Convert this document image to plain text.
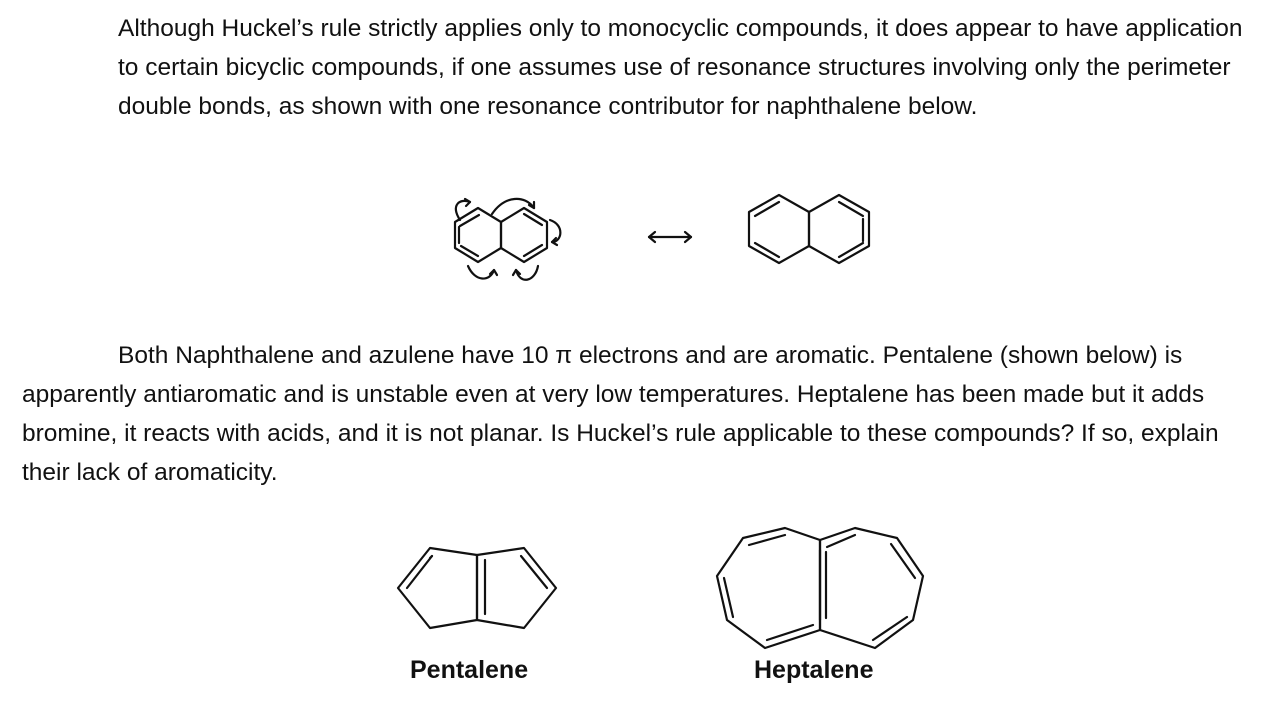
Although Huckel’s rule strictly applies only to monocyclic compounds, it does appear to have application to certain bicyclic compounds, if one assumes use of resonance structures involving only the perimeter double bonds, as shown with one resonance contributor for naphthalene below.

Both Naphthalene and azulene have 10 π electrons and are aromatic. Pentalene (shown below) is apparently antiaromatic and is unstable even at very low temperatures. Heptalene has been made but it adds bromine, it reacts with acids, and it is not planar. Is Huckel’s rule applicable to these compounds? If so, explain their lack of aromaticity.

Pentalene	Heptalene
